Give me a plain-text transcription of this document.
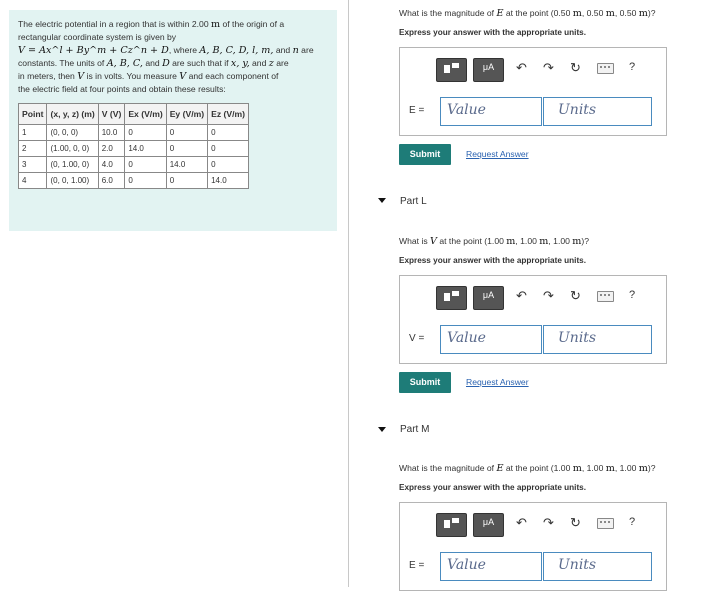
The electric potential in a region that is within 2.00 m of the origin of a
rectangular coordinate system is given by
V = Ax^l + By^m + Cz^n + D, where A, B, C, D, l, m, and n are
constants. The units of A, B, C, and D are such that if x, y, and z are
in meters, then V is in volts. You measure V and each component of
the electric field at four points and obtain these results:
Point	(x, y, z) (m)	V (V)	Ex (V/m)	Ey (V/m)	Ez (V/m)
1	(0, 0, 0)	10.0	0	0	0
2	(1.00, 0, 0)	2.0	14.0	0	0
3	(0, 1.00, 0)	4.0	0	14.0	0
4	(0, 0, 1.00)	6.0	0	0	14.0
What is the magnitude of E at the point (0.50 m, 0.50 m, 0.50 m)?
Express your answer with the appropriate units.
μA	↶ ↷ ↻	?
E = Value	Units
Submit	Request Answer
Part L
What is V at the point (1.00 m, 1.00 m, 1.00 m)?
Express your answer with the appropriate units.
μA	↶ ↷ ↻	?
V = Value	Units
Submit	Request Answer
Part M
What is the magnitude of E at the point (1.00 m, 1.00 m, 1.00 m)?
Express your answer with the appropriate units.
μA	↶ ↷ ↻	?
E = Value	Units
